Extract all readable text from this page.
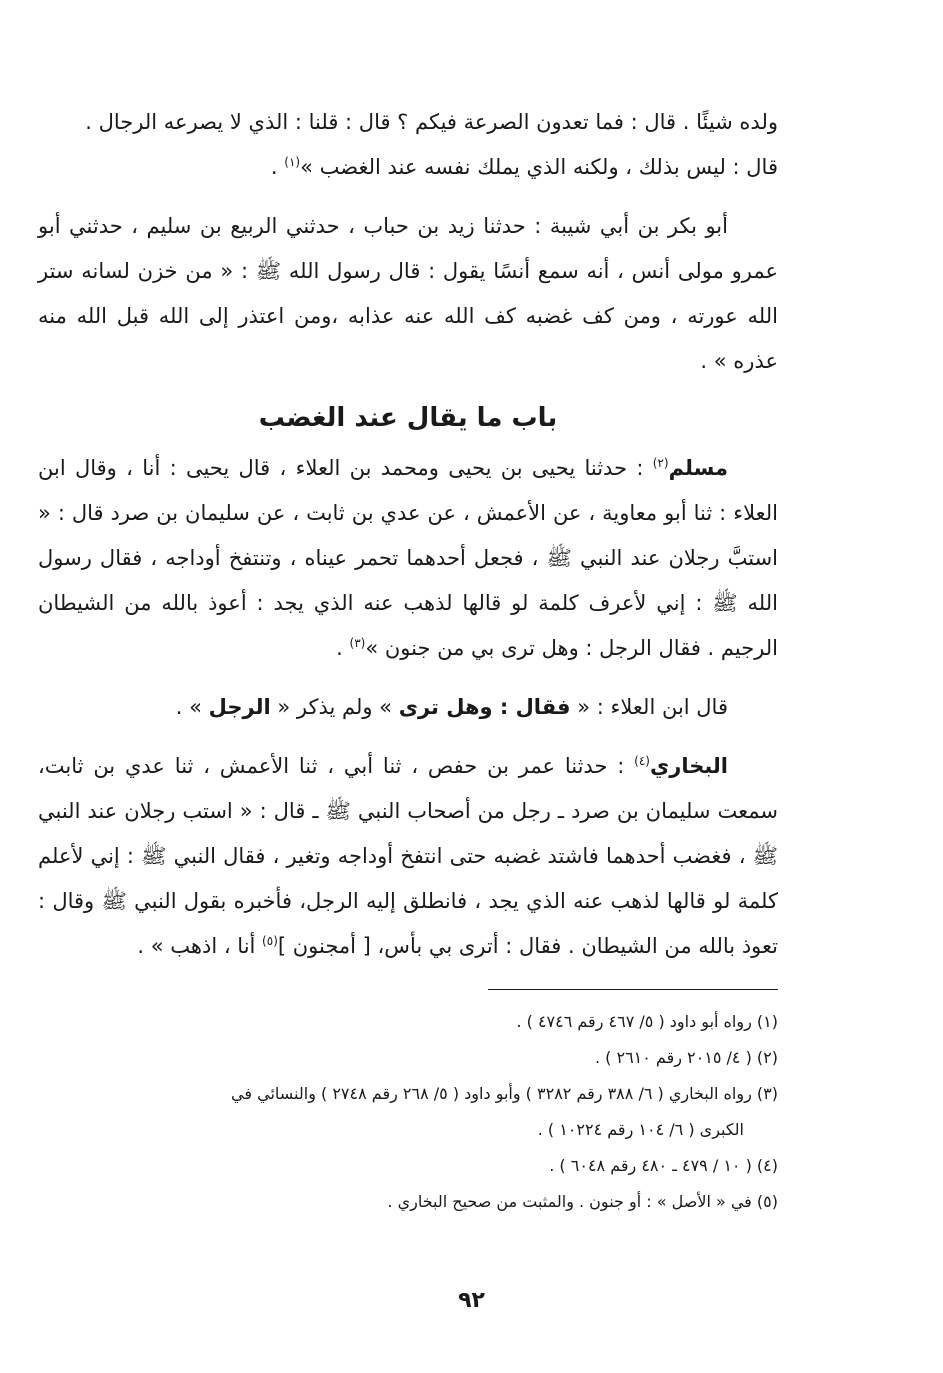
ولده شيئًا . قال : فما تعدون الصرعة فيكم ؟ قال : قلنا : الذي لا يصرعه الرجال .
قال : ليس بذلك ، ولكنه الذي يملك نفسه عند الغضب »$^{(١)}$ .

أبو بكر بن أبي شيبة : حدثنا زيد بن حباب ، حدثني الربيع بن سليم ، حدثني أبو عمرو مولى أنس ، أنه سمع أنسًا يقول : قال رسول الله ﷺ : « من خزن لسانه ستر الله عورته ، ومن كف غضبه كف الله عنه عذابه ،ومن اعتذر إلى الله قبل الله منه عذره » .

باب ما يقال عند الغضب

مسلم$^{(٢)}$ : حدثنا يحيى بن يحيى ومحمد بن العلاء ، قال يحيى : أنا ، وقال ابن العلاء : ثنا أبو معاوية ، عن الأعمش ، عن عدي بن ثابت ، عن سليمان بن صرد قال : « استبَّ رجلان عند النبي ﷺ ، فجعل أحدهما تحمر عيناه ، وتنتفخ أوداجه ، فقال رسول الله ﷺ : إني لأعرف كلمة لو قالها لذهب عنه الذي يجد : أعوذ بالله من الشيطان الرجيم . فقال الرجل : وهل ترى بي من جنون »$^{(٣)}$ .

قال ابن العلاء : « فقال : وهل ترى » ولم يذكر « الرجل » .

البخاري$^{(٤)}$ : حدثنا عمر بن حفص ، ثنا أبي ، ثنا الأعمش ، ثنا عدي بن ثابت، سمعت سليمان بن صرد ـ رجل من أصحاب النبي ﷺ ـ قال : « استب رجلان عند النبي ﷺ ، فغضب أحدهما فاشتد غضبه حتى انتفخ أوداجه وتغير ، فقال النبي ﷺ : إني لأعلم كلمة لو قالها لذهب عنه الذي يجد ، فانطلق إليه الرجل، فأخبره بقول النبي ﷺ وقال : تعوذ بالله من الشيطان . فقال : أترى بي بأس، [ أمجنون ]$^{(٥)}$ أنا ، اذهب » .

(١) رواه أبو داود ( ٥/ ٤٦٧ رقم ٤٧٤٦ ) .

(٢) ( ٤/ ٢٠١٥ رقم ٢٦١٠ ) .

(٣) رواه البخاري ( ٦/ ٣٨٨ رقم ٣٢٨٢ ) وأبو داود ( ٥/ ٢٦٨ رقم ٢٧٤٨ ) والنسائي في

الكبرى ( ٦/ ١٠٤ رقم ١٠٢٢٤ ) .

(٤) ( ١٠ / ٤٧٩ ـ ٤٨٠ رقم ٦٠٤٨ ) .

(٥) في « الأصل » : أو جنون . والمثبت من صحيح البخاري .

٩٢
